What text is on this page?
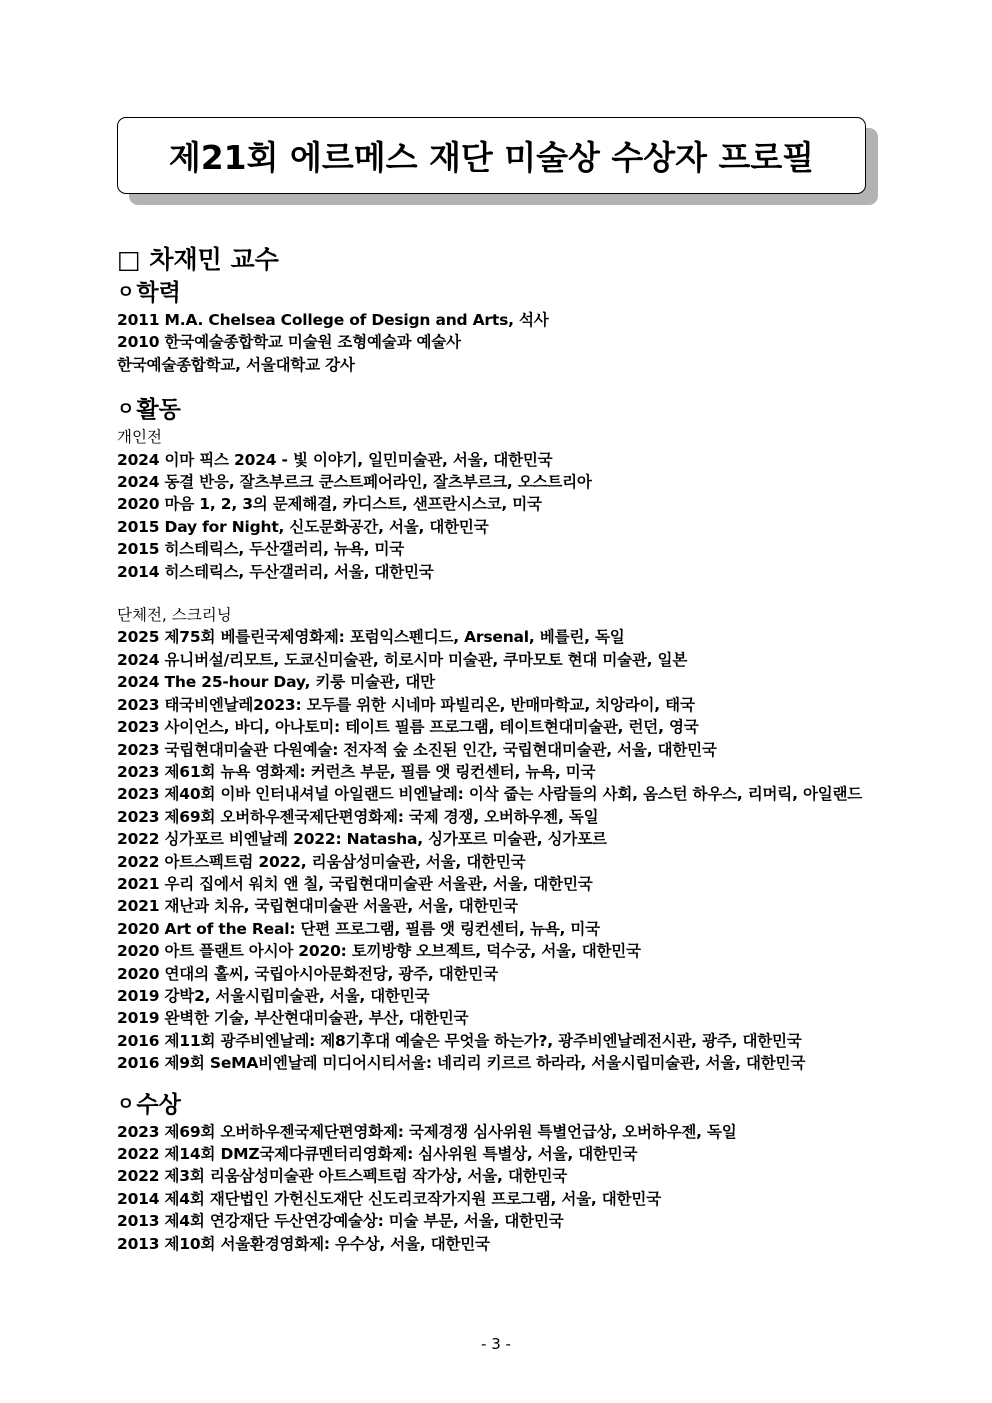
제21회 에르메스 재단 미술상 수상자 프로필
□ 차재민 교수
ㅇ학력
2011 M.A. Chelsea College of Design and Arts, 석사
2010 한국예술종합학교 미술원 조형예술과 예술사
한국예술종합학교, 서울대학교 강사
ㅇ활동
개인전
2024 이마 픽스 2024 - 빛 이야기, 일민미술관, 서울, 대한민국
2024 동결 반응, 잘츠부르크 쿤스트페어라인, 잘츠부르크, 오스트리아
2020 마음 1, 2, 3의 문제해결, 카디스트, 샌프란시스코, 미국
2015 Day for Night, 신도문화공간, 서울, 대한민국
2015 히스테릭스, 두산갤러리, 뉴욕, 미국
2014 히스테릭스, 두산갤러리, 서울, 대한민국
단체전, 스크리닝
2025 제75회 베를린국제영화제: 포럼익스펜디드, Arsenal, 베를린, 독일
2024 유니버설/리모트, 도쿄신미술관, 히로시마 미술관, 쿠마모토 현대 미술관, 일본
2024 The 25-hour Day, 키룽 미술관, 대만
2023 태국비엔날레2023: 모두를 위한 시네마 파빌리온, 반매마학교, 치앙라이, 태국
2023 사이언스, 바디, 아나토미: 테이트 필름 프로그램, 테이트현대미술관, 런던, 영국
2023 국립현대미술관 다원예술: 전자적 숲 소진된 인간, 국립현대미술관, 서울, 대한민국
2023 제61회 뉴욕 영화제: 커런츠 부문, 필름 앳 링컨센터, 뉴욕, 미국
2023 제40회 이바 인터내셔널 아일랜드 비엔날레: 이삭 줍는 사람들의 사회, 옴스턴 하우스, 리머릭, 아일랜드
2023 제69회 오버하우젠국제단편영화제: 국제 경쟁, 오버하우젠, 독일
2022 싱가포르 비엔날레 2022: Natasha, 싱가포르 미술관, 싱가포르
2022 아트스펙트럼 2022, 리움삼성미술관, 서울, 대한민국
2021 우리 집에서 워치 앤 칠, 국립현대미술관 서울관, 서울, 대한민국
2021 재난과 치유, 국립현대미술관 서울관, 서울, 대한민국
2020 Art of the Real: 단편 프로그램, 필름 앳 링컨센터, 뉴욕, 미국
2020 아트 플랜트 아시아 2020: 토끼방향 오브젝트, 덕수궁, 서울, 대한민국
2020 연대의 홀씨, 국립아시아문화전당, 광주, 대한민국
2019 강박2, 서울시립미술관, 서울, 대한민국
2019 완벽한 기술, 부산현대미술관, 부산, 대한민국
2016 제11회 광주비엔날레: 제8기후대 예술은 무엇을 하는가?, 광주비엔날레전시관, 광주, 대한민국
2016 제9회 SeMA비엔날레 미디어시티서울: 네리리 키르르 하라라, 서울시립미술관, 서울, 대한민국
ㅇ수상
2023 제69회 오버하우젠국제단편영화제: 국제경쟁 심사위원 특별언급상, 오버하우젠, 독일
2022 제14회 DMZ국제다큐멘터리영화제: 심사위원 특별상, 서울, 대한민국
2022 제3회 리움삼성미술관 아트스펙트럼 작가상, 서울, 대한민국
2014 제4회 재단법인 가헌신도재단 신도리코작가지원 프로그램, 서울, 대한민국
2013 제4회 연강재단 두산연강예술상: 미술 부문, 서울, 대한민국
2013 제10회 서울환경영화제: 우수상, 서울, 대한민국
- 3 -
